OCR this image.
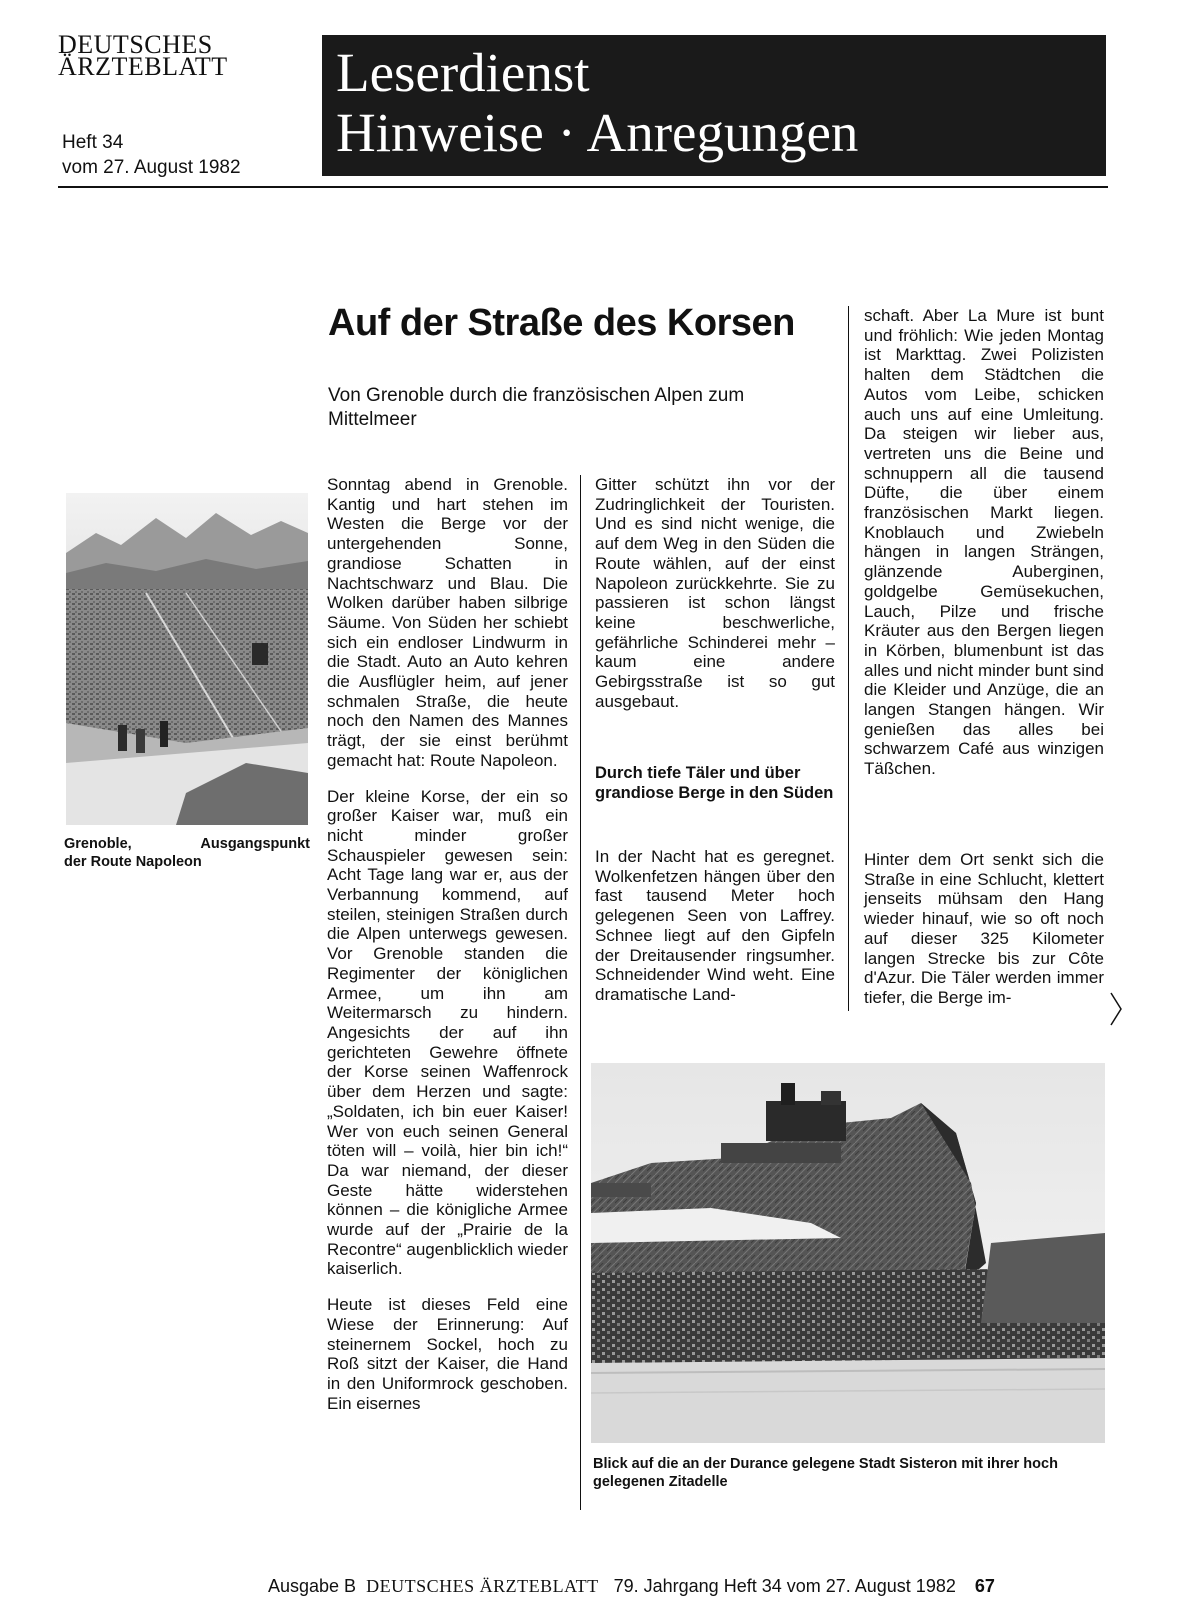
DEUTSCHES
ÄRZTEBLATT
Heft 34
vom 27. August 1982
Leserdienst
Hinweise · Anregungen
Auf der Straße des Korsen
Von Grenoble durch die französischen Alpen zum Mittelmeer
Grenoble, Ausgangspunkt
der Route Napoleon

Sonntag abend in Grenoble. Kantig und hart stehen im Westen die Berge vor der untergehenden Sonne, grandiose Schatten in Nachtschwarz und Blau. Die Wolken darüber haben silbrige Säume. Von Süden her schiebt sich ein endloser Lindwurm in die Stadt. Auto an Auto kehren die Ausflügler heim, auf jener schmalen Straße, die heute noch den Namen des Mannes trägt, der sie einst berühmt gemacht hat: Route Napoleon.

Der kleine Korse, der ein so großer Kaiser war, muß ein nicht minder großer Schauspieler gewesen sein: Acht Tage lang war er, aus der Verbannung kommend, auf steilen, steinigen Straßen durch die Alpen unterwegs gewesen. Vor Grenoble standen die Regimenter der königlichen Armee, um ihn am Weitermarsch zu hindern. Angesichts der auf ihn gerichteten Gewehre öffnete der Korse seinen Waffenrock über dem Herzen und sagte: „Soldaten, ich bin euer Kaiser! Wer von euch seinen General töten will – voilà, hier bin ich!“ Da war niemand, der dieser Geste hätte widerstehen können – die königliche Armee wurde auf der „Prairie de la Recontre“ augenblicklich wieder kaiserlich.

Heute ist dieses Feld eine Wiese der Erinnerung: Auf steinernem Sockel, hoch zu Roß sitzt der Kaiser, die Hand in den Uniformrock geschoben. Ein eisernes

Gitter schützt ihn vor der Zudringlichkeit der Touristen. Und es sind nicht wenige, die auf dem Weg in den Süden die Route wählen, auf der einst Napoleon zurückkehrte. Sie zu passieren ist schon längst keine beschwerliche, gefährliche Schinderei mehr – kaum eine andere Gebirgsstraße ist so gut ausgebaut.

Durch tiefe Täler und über grandiose Berge in den Süden

In der Nacht hat es geregnet. Wolkenfetzen hängen über den fast tausend Meter hoch gelegenen Seen von Laffrey. Schnee liegt auf den Gipfeln der Dreitausender ringsumher. Schneidender Wind weht. Eine dramatische Land-

schaft. Aber La Mure ist bunt und fröhlich: Wie jeden Montag ist Markttag. Zwei Polizisten halten dem Städtchen die Autos vom Leibe, schicken auch uns auf eine Umleitung. Da steigen wir lieber aus, vertreten uns die Beine und schnuppern all die tausend Düfte, die über einem französischen Markt liegen. Knoblauch und Zwiebeln hängen in langen Strängen, glänzende Auberginen, goldgelbe Gemüsekuchen, Lauch, Pilze und frische Kräuter aus den Bergen liegen in Körben, blumenbunt ist das alles und nicht minder bunt sind die Kleider und Anzüge, die an langen Stangen hängen. Wir genießen das alles bei schwarzem Café aus winzigen Täßchen.

Hinter dem Ort senkt sich die Straße in eine Schlucht, klettert jenseits mühsam den Hang wieder hinauf, wie so oft noch auf dieser 325 Kilometer langen Strecke bis zur Côte d'Azur. Die Täler werden immer tiefer, die Berge im-

Blick auf die an der Durance gelegene Stadt Sisteron mit ihrer hoch gelegenen Zitadelle
Ausgabe B DEUTSCHES ÄRZTEBLATT 79. Jahrgang Heft 34 vom 27. August 1982 67
